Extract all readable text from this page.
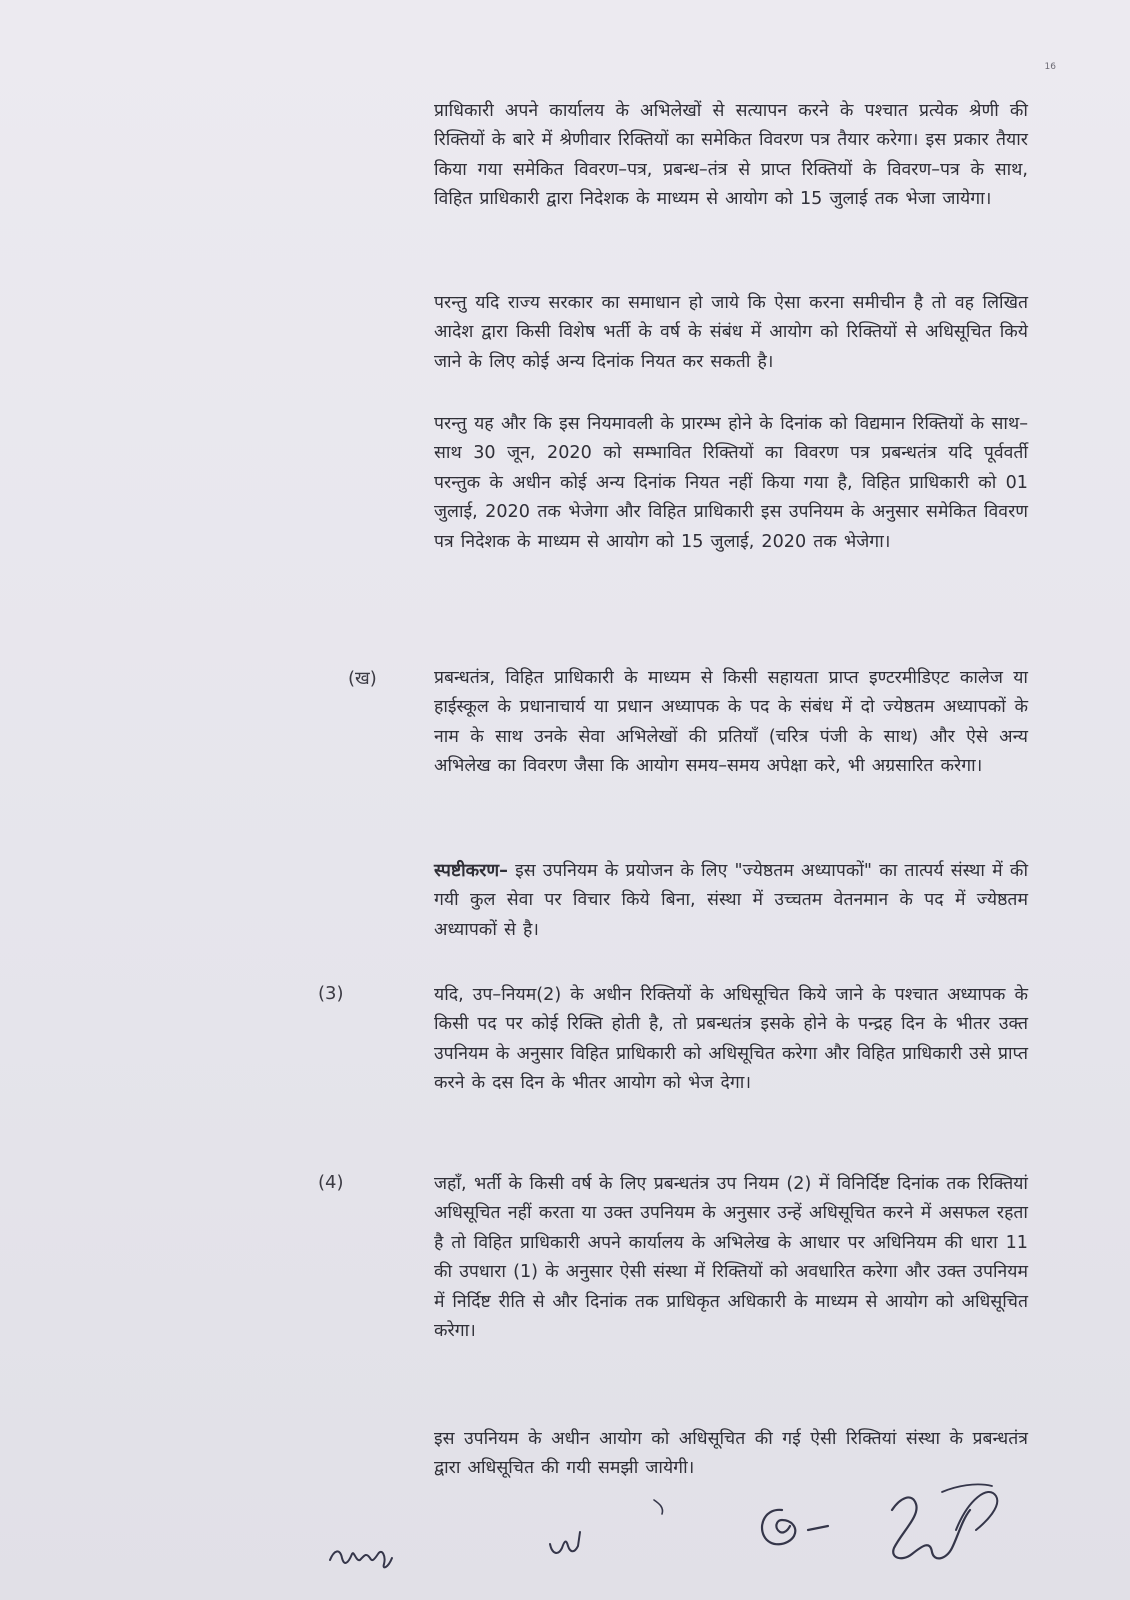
16

प्राधिकारी अपने कार्यालय के अभिलेखों से सत्यापन करने के पश्चात प्रत्येक श्रेणी की रिक्तियों के बारे में श्रेणीवार रिक्तियों का समेकित विवरण पत्र तैयार करेगा। इस प्रकार तैयार किया गया समेकित विवरण–पत्र, प्रबन्ध–तंत्र से प्राप्त रिक्तियों के विवरण–पत्र के साथ, विहित प्राधिकारी द्वारा निदेशक के माध्यम से आयोग को 15 जुलाई तक भेजा जायेगा।

परन्तु यदि राज्य सरकार का समाधान हो जाये कि ऐसा करना समीचीन है तो वह लिखित आदेश द्वारा किसी विशेष भर्ती के वर्ष के संबंध में आयोग को रिक्तियों से अधिसूचित किये जाने के लिए कोई अन्य दिनांक नियत कर सकती है।

परन्तु यह और कि इस नियमावली के प्रारम्भ होने के दिनांक को विद्यमान रिक्तियों के साथ–साथ 30 जून, 2020 को सम्भावित रिक्तियों का विवरण पत्र प्रबन्धतंत्र यदि पूर्ववर्ती परन्तुक के अधीन कोई अन्य दिनांक नियत नहीं किया गया है, विहित प्राधिकारी को 01 जुलाई, 2020 तक भेजेगा और विहित प्राधिकारी इस उपनियम के अनुसार समेकित विवरण पत्र निदेशक के माध्यम से आयोग को 15 जुलाई, 2020 तक भेजेगा।

(ख)	प्रबन्धतंत्र, विहित प्राधिकारी के माध्यम से किसी सहायता प्राप्त इण्टरमीडिएट कालेज या हाईस्कूल के प्रधानाचार्य या प्रधान अध्यापक के पद के संबंध में दो ज्येष्ठतम अध्यापकों के नाम के साथ उनके सेवा अभिलेखों की प्रतियाँ (चरित्र पंजी के साथ) और ऐसे अन्य अभिलेख का विवरण जैसा कि आयोग समय–समय अपेक्षा करे, भी अग्रसारित करेगा।

स्पष्टीकरण– इस उपनियम के प्रयोजन के लिए "ज्येष्ठतम अध्यापकों" का तात्पर्य संस्था में की गयी कुल सेवा पर विचार किये बिना, संस्था में उच्चतम वेतनमान के पद में ज्येष्ठतम अध्यापकों से है।

(3)	यदि, उप–नियम(2) के अधीन रिक्तियों के अधिसूचित किये जाने के पश्चात अध्यापक के किसी पद पर कोई रिक्ति होती है, तो प्रबन्धतंत्र इसके होने के पन्द्रह दिन के भीतर उक्त उपनियम के अनुसार विहित प्राधिकारी को अधिसूचित करेगा और विहित प्राधिकारी उसे प्राप्त करने के दस दिन के भीतर आयोग को भेज देगा।

(4)	जहाँ, भर्ती के किसी वर्ष के लिए प्रबन्धतंत्र उप नियम (2) में विनिर्दिष्ट दिनांक तक रिक्तियां अधिसूचित नहीं करता या उक्त उपनियम के अनुसार उन्हें अधिसूचित करने में असफल रहता है तो विहित प्राधिकारी अपने कार्यालय के अभिलेख के आधार पर अधिनियम की धारा 11 की उपधारा (1) के अनुसार ऐसी संस्था में रिक्तियों को अवधारित करेगा और उक्त उपनियम में निर्दिष्ट रीति से और दिनांक तक प्राधिकृत अधिकारी के माध्यम से आयोग को अधिसूचित करेगा।

इस उपनियम के अधीन आयोग को अधिसूचित की गई ऐसी रिक्तियां संस्था के प्रबन्धतंत्र द्वारा अधिसूचित की गयी समझी जायेगी।
